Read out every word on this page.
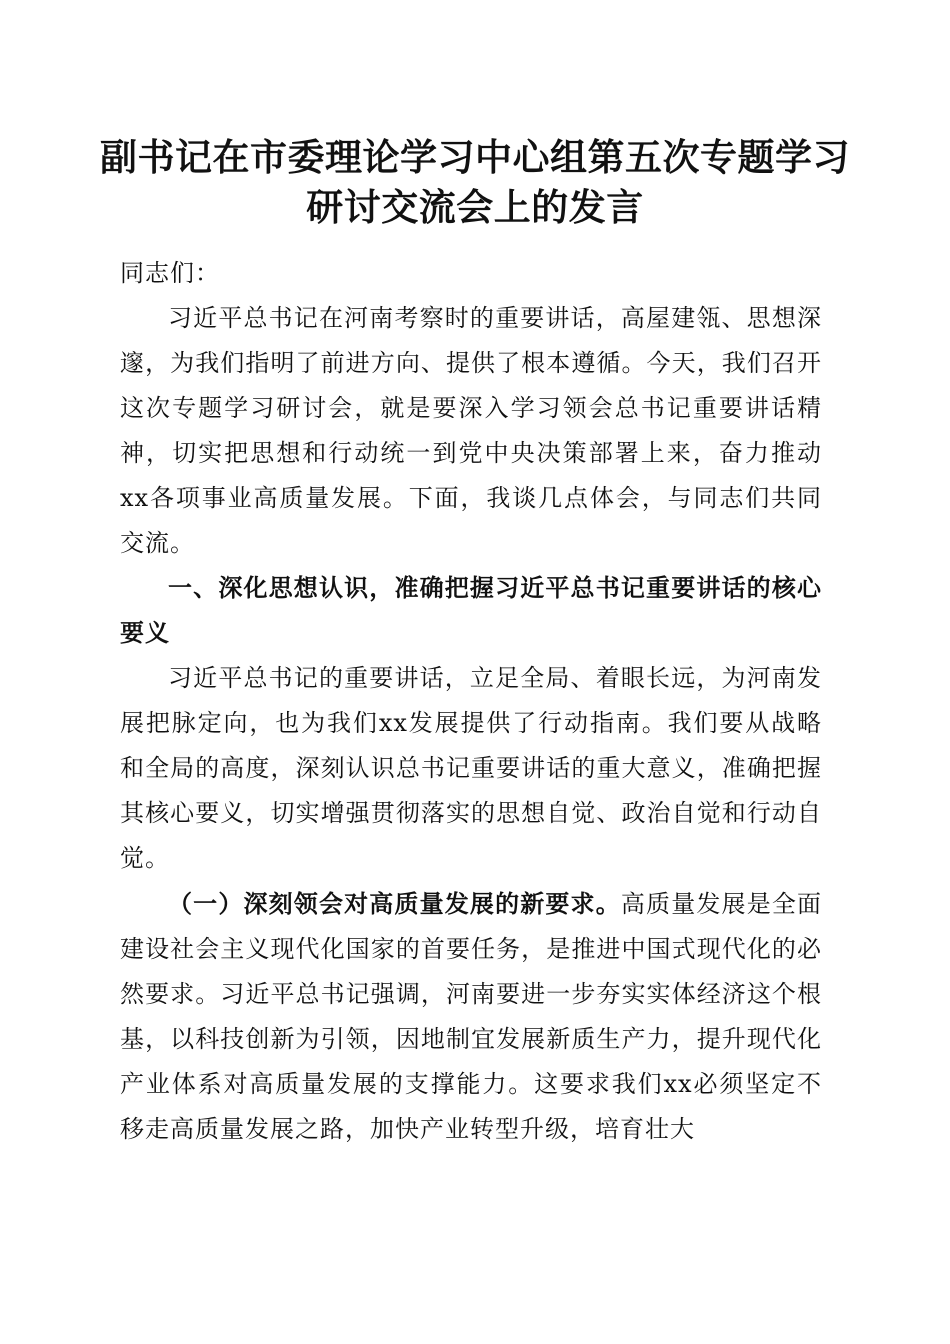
副书记在市委理论学习中心组第五次专题学习
研讨交流会上的发言

同志们：

习近平总书记在河南考察时的重要讲话，高屋建瓴、思想深邃，为我们指明了前进方向、提供了根本遵循。今天，我们召开这次专题学习研讨会，就是要深入学习领会总书记重要讲话精神，切实把思想和行动统一到党中央决策部署上来，奋力推动xx各项事业高质量发展。下面，我谈几点体会，与同志们共同交流。

一、深化思想认识，准确把握习近平总书记重要讲话的核心要义

习近平总书记的重要讲话，立足全局、着眼长远，为河南发展把脉定向，也为我们xx发展提供了行动指南。我们要从战略和全局的高度，深刻认识总书记重要讲话的重大意义，准确把握其核心要义，切实增强贯彻落实的思想自觉、政治自觉和行动自觉。

（一）深刻领会对高质量发展的新要求。高质量发展是全面建设社会主义现代化国家的首要任务，是推进中国式现代化的必然要求。习近平总书记强调，河南要进一步夯实实体经济这个根基，以科技创新为引领，因地制宜发展新质生产力，提升现代化产业体系对高质量发展的支撑能力。这要求我们xx必须坚定不移走高质量发展之路，加快产业转型升级，培育壮大
